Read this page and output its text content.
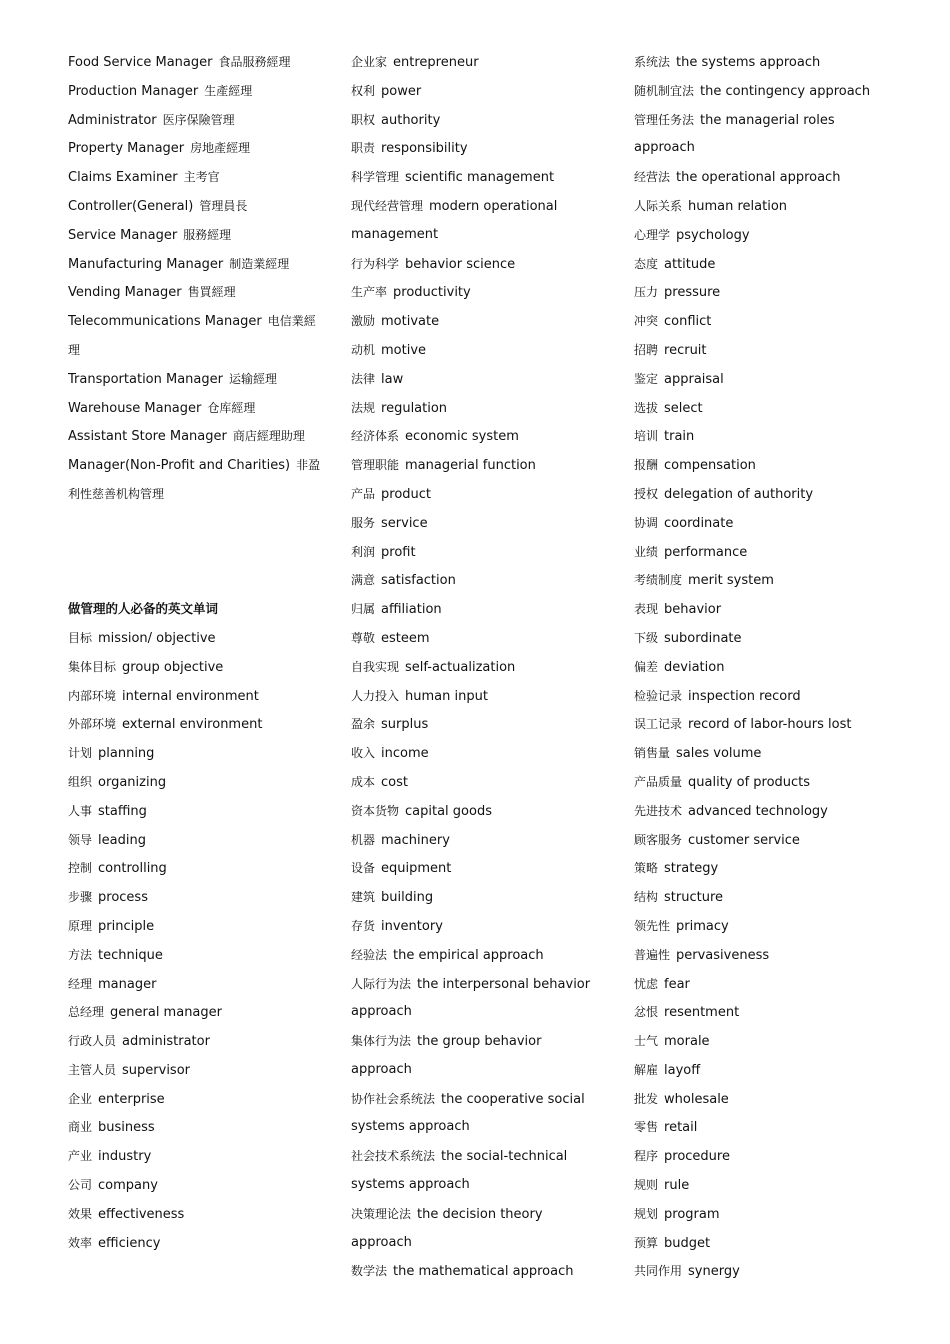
Food Service Manager 食品服務經理
Production Manager 生產經理
Administrator 医序保險管理
Property Manager 房地產經理
Claims Examiner 主考官
Controller(General) 管理員長
Service Manager 服務經理
Manufacturing Manager 制造業經理
Vending Manager 售買經理
Telecommunications Manager 电信業經
理
Transportation Manager 运输經理
Warehouse Manager 仓库經理
Assistant Store Manager 商店經理助理
Manager(Non-Profit and Charities) 非盈
利性慈善机构管理
做管理的人必备的英文单词
目标 mission/ objective
集体目标 group objective
内部环境 internal environment
外部环境 external environment
计划 planning
组织 organizing
人事 staffing
领导 leading
控制 controlling
步骤 process
原理 principle
方法 technique
经理 manager
总经理 general manager
行政人员 administrator
主管人员 supervisor
企业 enterprise
商业 business
产业 industry
公司 company
效果 effectiveness
效率 efficiency
企业家 entrepreneur
权利 power
职权 authority
职责 responsibility
科学管理 scientific management
现代经营管理 modern operational
management
行为科学 behavior science
生产率 productivity
激励 motivate
动机 motive
法律 law
法规 regulation
经济体系 economic system
管理职能 managerial function
产品 product
服务 service
利润 profit
满意 satisfaction
归属 affiliation
尊敬 esteem
自我实现 self-actualization
人力投入 human input
盈余 surplus
收入 income
成本 cost
资本货物 capital goods
机器 machinery
设备 equipment
建筑 building
存货 inventory
经验法 the empirical approach
人际行为法 the interpersonal behavior
approach
集体行为法 the group behavior
approach
协作社会系统法 the cooperative social
systems approach
社会技术系统法 the social-technical
systems approach
决策理论法 the decision theory
approach
数学法 the mathematical approach
系统法 the systems approach
随机制宜法 the contingency approach
管理任务法 the managerial roles
approach
经营法 the operational approach
人际关系 human relation
心理学 psychology
态度 attitude
压力 pressure
冲突 conflict
招聘 recruit
鉴定 appraisal
选拔 select
培训 train
报酬 compensation
授权 delegation of authority
协调 coordinate
业绩 performance
考绩制度 merit system
表现 behavior
下级 subordinate
偏差 deviation
检验记录 inspection record
误工记录 record of labor-hours lost
销售量 sales volume
产品质量 quality of products
先进技术 advanced technology
顾客服务 customer service
策略 strategy
结构 structure
领先性 primacy
普遍性 pervasiveness
忧虑 fear
忿恨 resentment
士气 morale
解雇 layoff
批发 wholesale
零售 retail
程序 procedure
规则 rule
规划 program
预算 budget
共同作用 synergy
